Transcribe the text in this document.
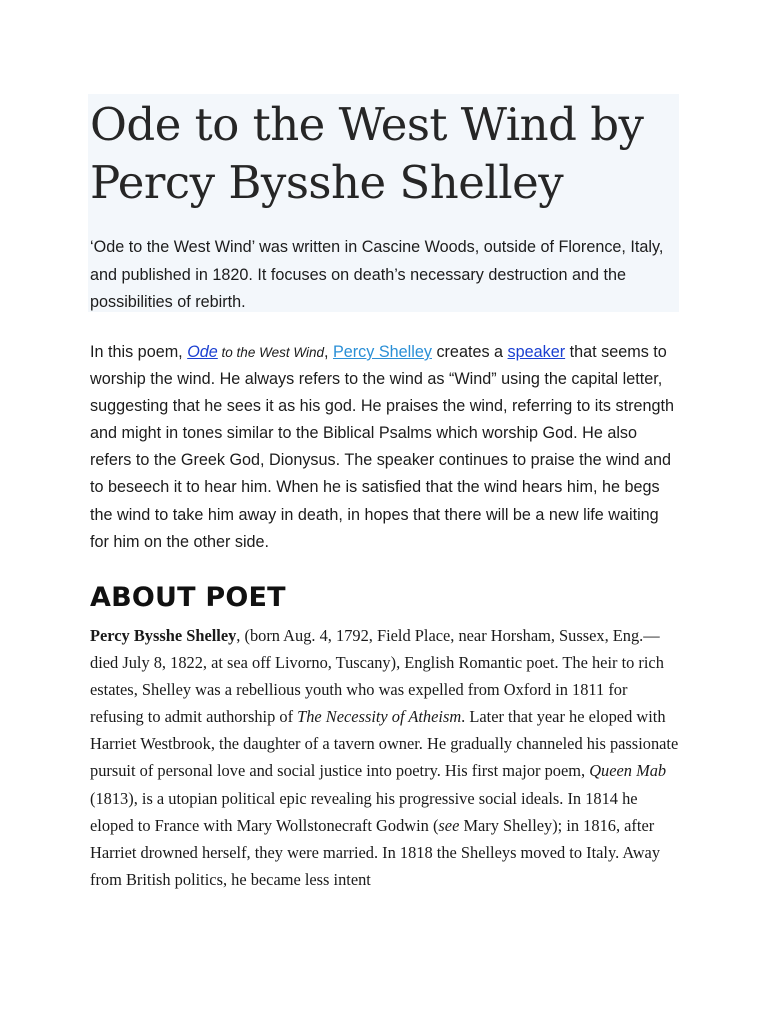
Ode to the West Wind by Percy Bysshe Shelley

‘Ode to the West Wind’ was written in Cascine Woods, outside of Florence, Italy, and published in 1820. It focuses on death’s necessary destruction and the possibilities of rebirth.

In this poem, Ode to the West Wind, Percy Shelley creates a speaker that seems to worship the wind. He always refers to the wind as “Wind” using the capital letter, suggesting that he sees it as his god. He praises the wind, referring to its strength and might in tones similar to the Biblical Psalms which worship God. He also refers to the Greek God, Dionysus. The speaker continues to praise the wind and to beseech it to hear him. When he is satisfied that the wind hears him, he begs the wind to take him away in death, in hopes that there will be a new life waiting for him on the other side.

ABOUT POET

Percy Bysshe Shelley, (born Aug. 4, 1792, Field Place, near Horsham, Sussex, Eng.—died July 8, 1822, at sea off Livorno, Tuscany), English Romantic poet. The heir to rich estates, Shelley was a rebellious youth who was expelled from Oxford in 1811 for refusing to admit authorship of The Necessity of Atheism. Later that year he eloped with Harriet Westbrook, the daughter of a tavern owner. He gradually channeled his passionate pursuit of personal love and social justice into poetry. His first major poem, Queen Mab (1813), is a utopian political epic revealing his progressive social ideals. In 1814 he eloped to France with Mary Wollstonecraft Godwin (see Mary Shelley); in 1816, after Harriet drowned herself, they were married. In 1818 the Shelleys moved to Italy. Away from British politics, he became less intent
